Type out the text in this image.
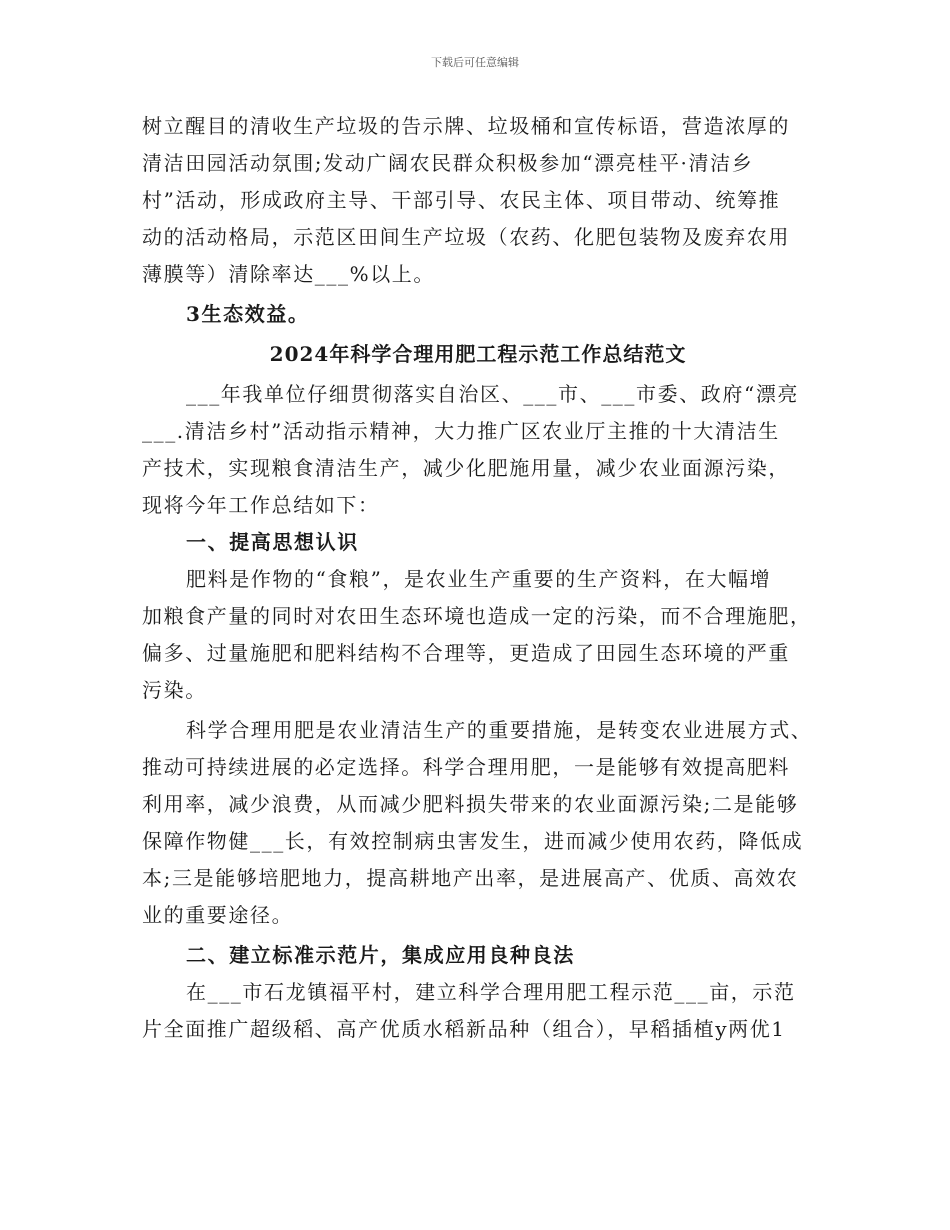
下载后可任意编辑

树立醒目的清收生产垃圾的告示牌、垃圾桶和宣传标语，营造浓厚的
清洁田园活动氛围;发动广阔农民群众积极参加“漂亮桂平·清洁乡
村”活动，形成政府主导、干部引导、农民主体、项目带动、统筹推
动的活动格局，示范区田间生产垃圾（农药、化肥包装物及废弃农用
薄膜等）清除率达___%以上。

3生态效益。

2024年科学合理用肥工程示范工作总结范文

___年我单位仔细贯彻落实自治区、___市、___市委、政府“漂亮
___.清洁乡村”活动指示精神，大力推广区农业厅主推的十大清洁生
产技术，实现粮食清洁生产，减少化肥施用量，减少农业面源污染，
现将今年工作总结如下：

一、提高思想认识

肥料是作物的“食粮”，是农业生产重要的生产资料，在大幅增
加粮食产量的同时对农田生态环境也造成一定的污染，而不合理施肥，
偏多、过量施肥和肥料结构不合理等，更造成了田园生态环境的严重
污染。

科学合理用肥是农业清洁生产的重要措施，是转变农业进展方式、
推动可持续进展的必定选择。科学合理用肥，一是能够有效提高肥料
利用率，减少浪费，从而减少肥料损失带来的农业面源污染;二是能够
保障作物健___长，有效控制病虫害发生，进而减少使用农药，降低成
本;三是能够培肥地力，提高耕地产出率，是进展高产、优质、高效农
业的重要途径。

二、建立标准示范片，集成应用良种良法

在___市石龙镇福平村，建立科学合理用肥工程示范___亩，示范
片全面推广超级稻、高产优质水稻新品种（组合），早稻插植y两优1
